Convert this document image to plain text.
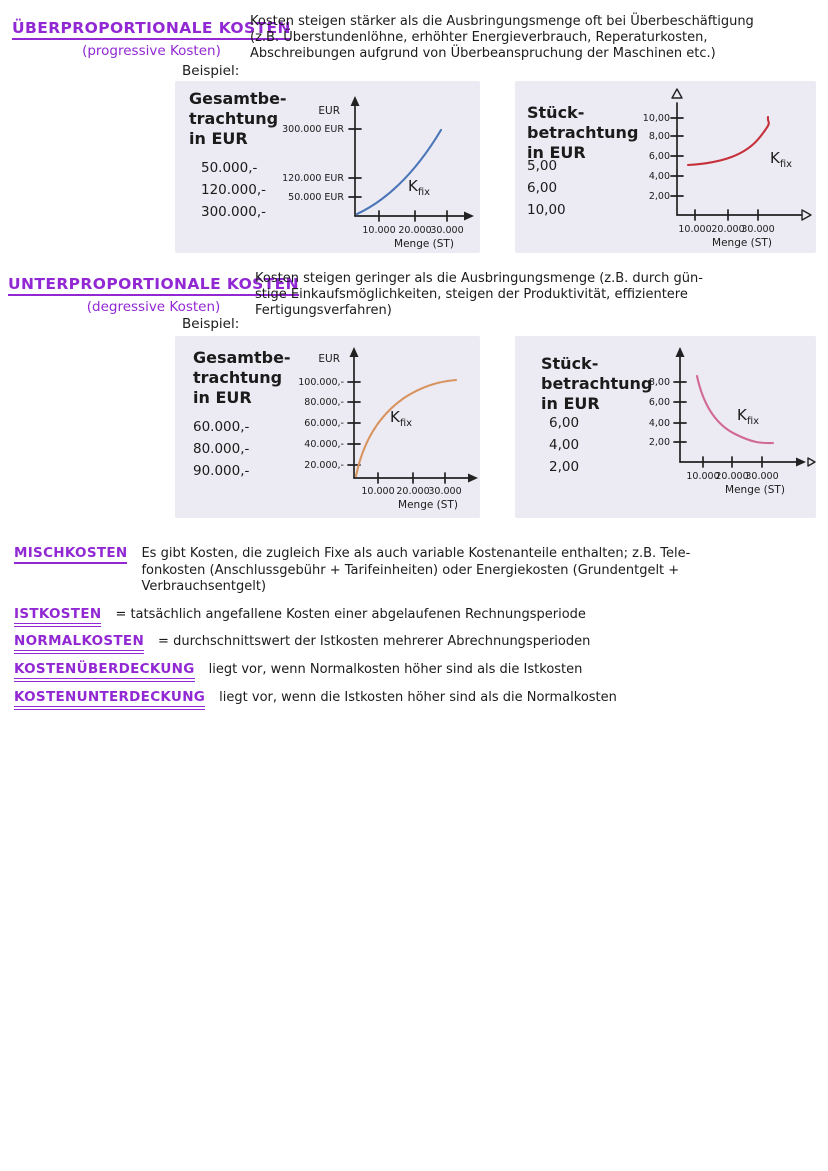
ÜBERPROPORTIONALE KOSTEN
(progressive Kosten)
Kosten steigen stärker als die Ausbringungsmenge oft bei Überbeschäftigung
(z.B. Überstundenlöhne, erhöhter Energieverbrauch, Reperaturkosten,
Abschreibungen aufgrund von Überbeanspruchung der Maschinen etc.)
Beispiel:
Gesamtbe-
trachtung
in EUR
50.000,-
120.000,-
300.000,-
EUR
300.000 EUR
120.000 EUR
50.000 EUR
$K_{fix}$
10.000 20.000
30.000
Menge (ST)
Stück-
betrachtung
in EUR
5,00
6,00
10,00
10,00
8,00
6,00
4,00
2,00
$K_{fix}$
10.000 20.000
30.000
Menge (ST)
UNTERPROPORTIONALE KOSTEN
(degressive Kosten)
Kosten steigen geringer als die Ausbringungsmenge (z.B. durch gün-
stige Einkaufsmöglichkeiten, steigen der Produktivität, effizientere
Fertigungsverfahren)
Beispiel:
Gesamtbe-
trachtung
in EUR
60.000,-
80.000,-
90.000,-
EUR
100.000,-
80.000,-
60.000,-
40.000,-
20.000,-
$K_{fix}$
10.000 20.000
30.000
Menge (ST)
Stück-
betrachtung
in EUR
6,00
4,00
2,00
8,00
6,00
4,00
2,00
$K_{fix}$
10.000
20.000
30.000
Menge (ST)
MISCHKOSTEN Es gibt Kosten, die zugleich Fixe als auch variable Kostenanteile enthalten; z.B. Tele-
fonkosten (Anschlussgebühr + Tarifeinheiten) oder Energiekosten (Grundentgelt +
Verbrauchsentgelt)
ISTKOSTEN = tatsächlich angefallene Kosten einer abgelaufenen Rechnungsperiode
NORMALKOSTEN = durchschnittswert der Istkosten mehrerer Abrechnungsperioden
KOSTENÜBERDECKUNG liegt vor, wenn Normalkosten höher sind als die Istkosten
KOSTENUNTERDECKUNG liegt vor, wenn die Istkosten höher sind als die Normalkosten
